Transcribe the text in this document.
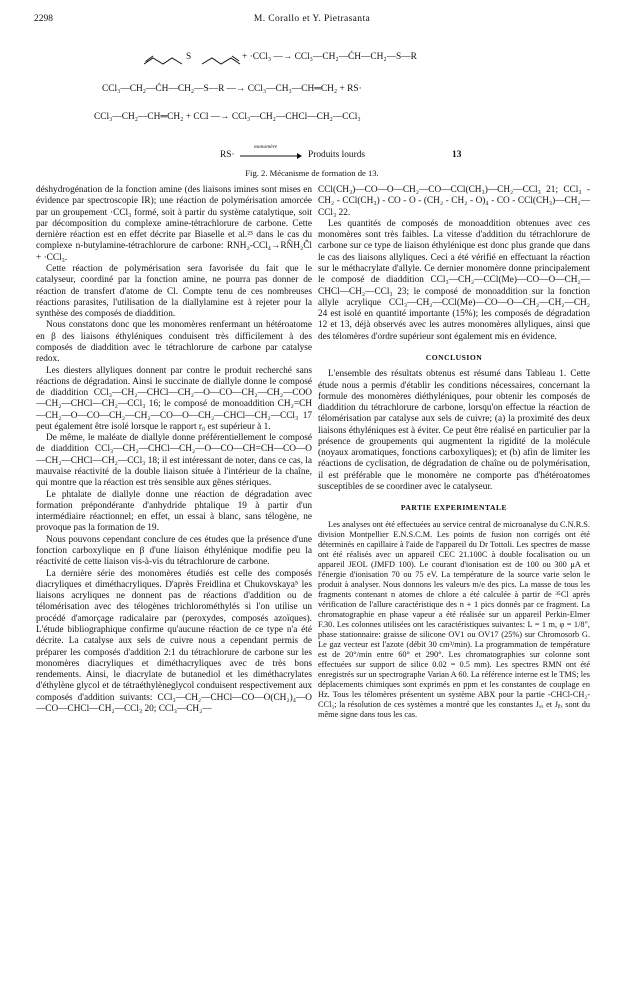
2298	M. Corallo et Y. Pietrasanta
S	+ ·CCl₃ —→ CCl₃—CH₂—ĆH—CH₂—S—R
CCl₃—CH₂—ĆH—CH₂—S—R —→ CCl₃—CH₃—CH═CH₂ + RS·
CCl₃—CH₂—CH═CH₂ + CCl —→ CCl₃—CH₂—CHCl—CH₂—CCl₃
RS·
monomère
Produits lourds	13
Fig. 2. Mécanisme de formation de 13.

déshydrogénation de la fonction amine (des liaisons imines sont mises en évidence par spectroscopie IR); une réaction de polymérisation amorcée par un groupement ·CCl₃ formé, soit à partir du système catalytique, soit par décomposition du complexe amine-tétrachlorure de carbone. Cette dernière réaction est en effet décrite par Biaselle et al.²³ dans le cas du complexe n-butylamine-tétrachlorure de carbone: RNH₂-CCl₄→RN̂H₂Ĉl + ·CCl₃.

Cette réaction de polymérisation sera favorisée du fait que le catalyseur, coordiné par la fonction amine, ne pourra pas donner de réaction de transfert d'atome de Cl. Compte tenu de ces nombreuses réactions parasites, l'utilisation de la diallylamine est à rejeter pour la synthèse des composés de diaddition.

Nous constatons donc que les monomères renfermant un hétéroatome en β des liaisons éthyléniques conduisent très difficilement à des composés de diaddition avec le tétrachlorure de carbone par catalyse redox.

Les diesters allyliques donnent par contre le produit recherché sans réactions de dégradation. Ainsi le succinate de diallyle donne le composé de diaddition CCl₃—CH₂—CHCl—CH₂—O—CO—CH₂—CH₂—COO—CH₂—CHCl—CH₂—CCl₃ 16; le composé de monoaddition CH₂=CH—CH₂—O—CO—CH₂—CH₂—CO—O—CH₂—CHCl—CH₂—CCl₃ 17 peut également être isolé lorsque le rapport r₀ est supérieur à 1.

De même, le maléate de diallyle donne préférentiellement le composé de diaddition CCl₃—CH₂—CHCl—CH₂—O—CO—CH=CH—CO—O—CH₂—CHCl—CH₂—CCl₃ 18; il est intéressant de noter, dans ce cas, la mauvaise réactivité de la double liaison située à l'intérieur de la chaîne, qui montre que la réaction est très sensible aux gênes stériques.

Le phtalate de diallyle donne une réaction de dégradation avec formation prépondérante d'anhydride phtalique 19 à partir d'un intermédiaire réactionnel; en effet, un essai à blanc, sans télogène, ne provoque pas la formation de 19.

Nous pouvons cependant conclure de ces études que la présence d'une fonction carboxylique en β d'une liaison éthylénique modifie peu la réactivité de cette liaison vis-à-vis du tétrachlorure de carbone.

La dernière série des monomères étudiés est celle des composés diacryliques et diméthacryliques. D'après Freidlina et Chukovskaya⁵ les liaisons acryliques ne donnent pas de réactions d'addition ou de télomérisation avec des télogènes trichlorométhylés si l'on utilise un procédé d'amorçage radicalaire par (peroxydes, composés azoïques). L'étude bibliographique confirme qu'aucune réaction de ce type n'a été décrite. La catalyse aux sels de cuivre nous a cependant permis de préparer les composés d'addition 2:1 du tétrachlorure de carbone sur les monomères diacryliques et diméthacryliques avec de très bons rendements. Ainsi, le diacrylate de butanediol et les diméthacrylates d'éthylène glycol et de tétraéthylèneglycol conduisent respectivement aux composés d'addition suivants: CCl₃—CH₂—CHCl—CO—O(CH₂)₄—O—CO—CHCl—CH₂—CCl₃ 20; CCl₃—CH₂—

CCl(CH₃)—CO—O—CH₂—CO—CCl(CH₃)—CH₂—CCl₃ 21; CCl₃ - CH₂ - CCl(CH₃) - CO - O - (CH₂ - CH₂ - O)₄ - CO - CCl(CH₃)—CH₂—CCl₃ 22.

Les quantités de composés de monoaddition obtenues avec ces monomères sont très faibles. La vitesse d'addition du tétrachlorure de carbone sur ce type de liaison éthylénique est donc plus grande que dans le cas des liaisons allyliques. Ceci a été vérifié en effectuant la réaction sur le méthacrylate d'allyle. Ce dernier monomère donne principalement le composé de diaddition CCl₃—CH₂—CCl(Me)—CO—O—CH₂—CHCl—CH₂—CCl₃ 23; le composé de monoaddition sur la fonction allyle acrylique CCl₃—CH₂—CCl(Me)—CO—O—CH₂—CH₂—CH₂ 24 est isolé en quantité importante (15%); les composés de dégradation 12 et 13, déjà observés avec les autres monomères allyliques, ainsi que des télomères d'ordre supérieur sont également mis en évidence.

CONCLUSION

L'ensemble des résultats obtenus est résumé dans Tableau 1. Cette étude nous a permis d'établir les conditions nécessaires, concernant la formule des monomères diéthyléniques, pour obtenir les composés de diaddition du tétrachlorure de carbone, lorsqu'on effectue la réaction de télomérisation par catalyse aux sels de cuivre; (a) la proximité des deux liaisons éthyléniques est à éviter. Ce peut être réalisé en particulier par la présence de groupements qui augmentent la rigidité de la molécule (noyaux aromatiques, fonctions carboxyliques); et (b) afin de limiter les réactions de cyclisation, de dégradation de chaîne ou de polymérisation, il est préférable que le monomère ne comporte pas d'hétéroatomes susceptibles de se coordiner avec le catalyseur.

PARTIE EXPERIMENTALE

Les analyses ont été effectuées au service central de microanalyse du C.N.R.S. division Montpellier E.N.S.C.M. Les points de fusion non corrigés ont été déterminés en capillaire à l'aide de l'appareil du Dr Tottoli. Les spectres de masse ont été réalisés avec un appareil CEC 21.100C à double focalisation ou un appareil JEOL (JMFD 100). Le courant d'ionisation est de 100 ou 300 μA et l'énergie d'ionisation 70 ou 75 eV. La température de la source varie selon le produit à analyser. Nous donnons les valeurs m/e des pics. La masse de tous les fragments contenant n atomes de chlore a été calculée à partir de ³⁵Cl après vérification de l'allure caractéristique des n + 1 pics donnés par ce fragment. La chromatographie en phase vapeur a été réalisée sur un appareil Perkin-Elmer F.30. Les colonnes utilisées ont les caractéristiques suivantes: L = 1 m, φ = 1/8", phase stationnaire: graisse de silicone OV1 ou OV17 (25%) sur Chromosorb G. Le gaz vecteur est l'azote (débit 30 cm³/min). La programmation de température est de 20°/min entre 60° et 290°. Les chromatographies sur colonne sont effectuées sur support de silice 0.02 = 0.5 mm). Les spectres RMN ont été enregistrés sur un spectrographe Varian A 60. La référence interne est le TMS; les déplacements chimiques sont exprimés en ppm et les constantes de couplage en Hz. Tous les télomères présentent un système ABX pour la partie -CHCl-CH₂-CCl₃; la résolution de ces systèmes a montré que les constantes Jₐₓ et Jᵦₓ sont du même signe dans tous les cas.
